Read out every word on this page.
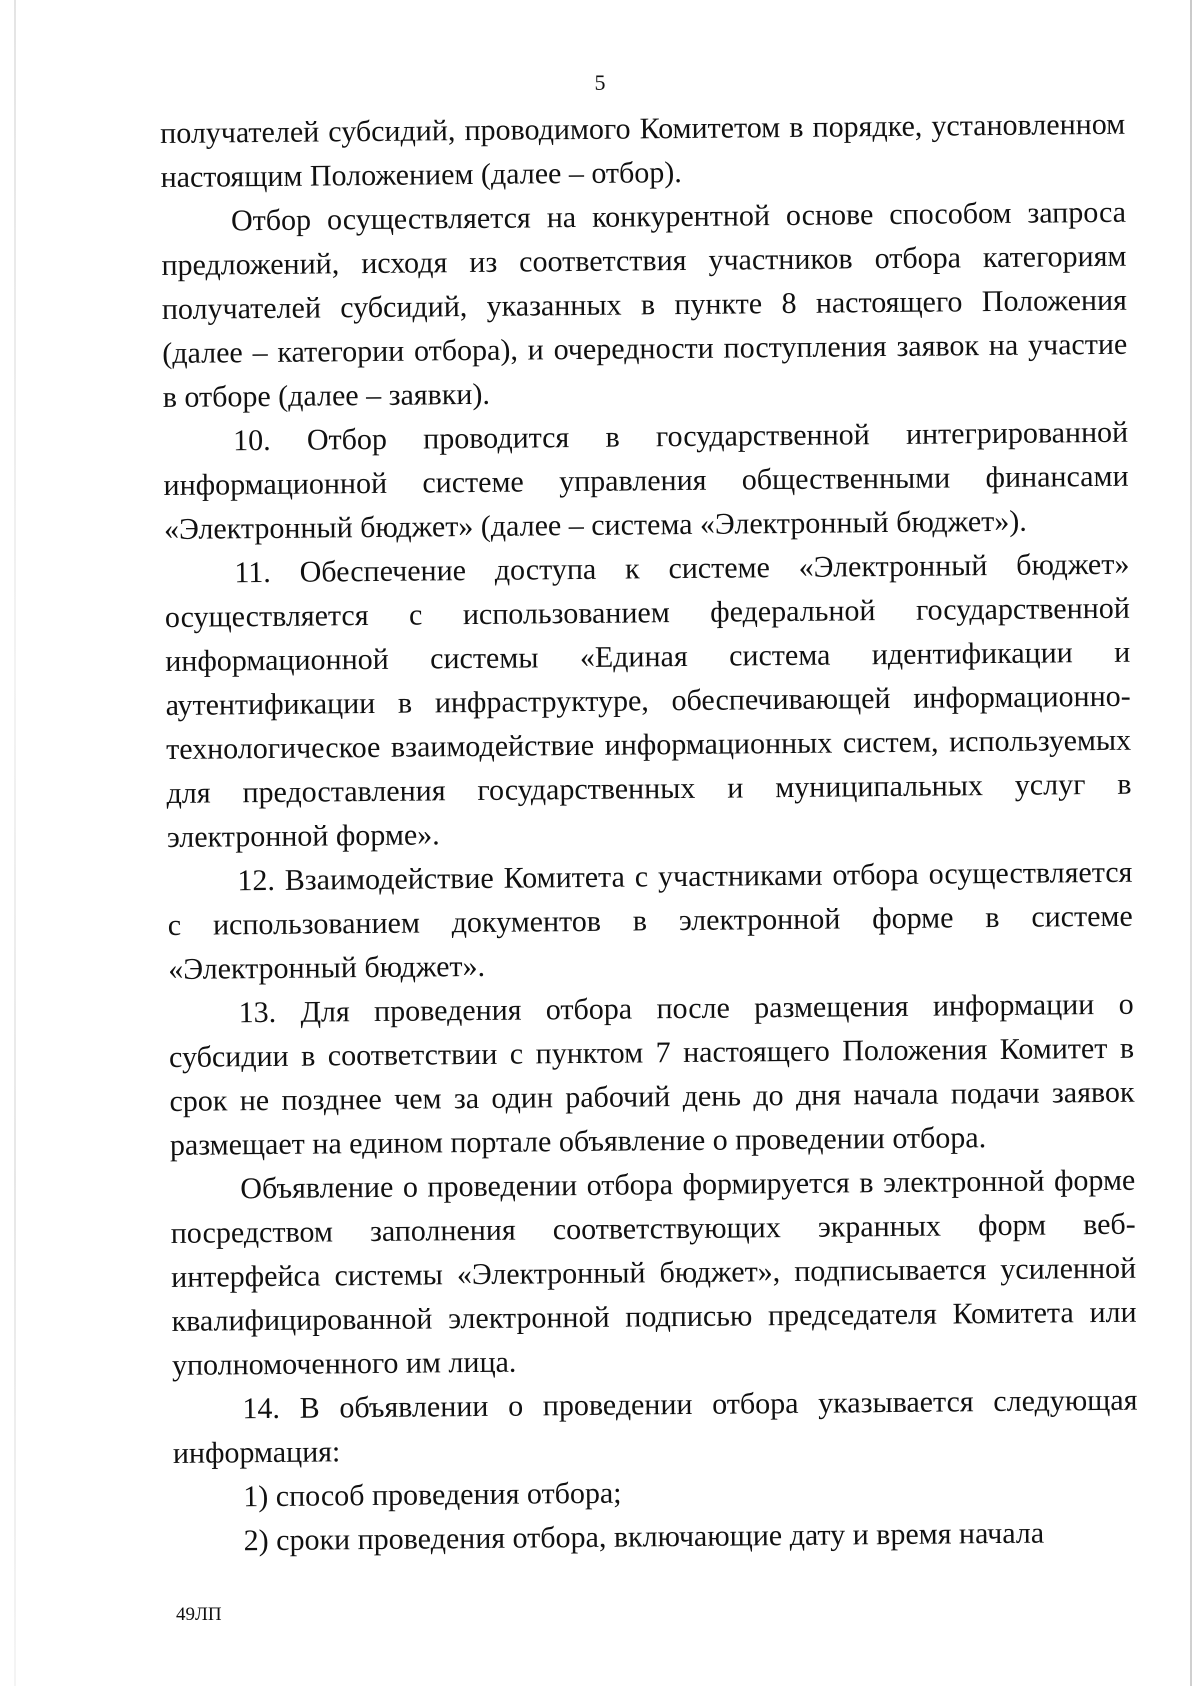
5

получателей субсидий, проводимого Комитетом в порядке, установленном настоящим Положением (далее – отбор).

Отбор осуществляется на конкурентной основе способом запроса предложений, исходя из соответствия участников отбора категориям получателей субсидий, указанных в пункте 8 настоящего Положения (далее – категории отбора), и очередности поступления заявок на участие в отборе (далее – заявки).

10. Отбор проводится в государственной интегрированной информационной системе управления общественными финансами «Электронный бюджет» (далее – система «Электронный бюджет»).

11. Обеспечение доступа к системе «Электронный бюджет» осуществляется с использованием федеральной государственной информационной системы «Единая система идентификации и аутентификации в инфраструктуре, обеспечивающей информационно-технологическое взаимодействие информационных систем, используемых для предоставления государственных и муниципальных услуг в электронной форме».

12. Взаимодействие Комитета с участниками отбора осуществляется с использованием документов в электронной форме в системе «Электронный бюджет».

13. Для проведения отбора после размещения информации о субсидии в соответствии с пунктом 7 настоящего Положения Комитет в срок не позднее чем за один рабочий день до дня начала подачи заявок размещает на едином портале объявление о проведении отбора.

Объявление о проведении отбора формируется в электронной форме посредством заполнения соответствующих экранных форм веб-интерфейса системы «Электронный бюджет», подписывается усиленной квалифицированной электронной подписью председателя Комитета или уполномоченного им лица.

14. В объявлении о проведении отбора указывается следующая информация:

1) способ проведения отбора;

2) сроки проведения отбора, включающие дату и время начала

49ЛП
